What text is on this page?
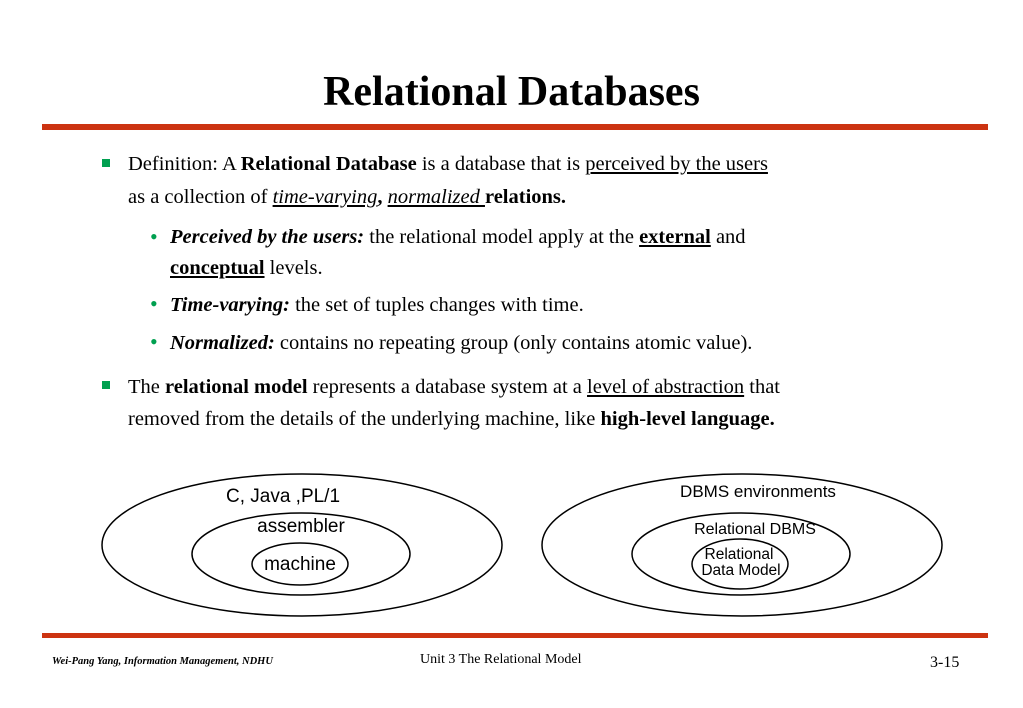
Relational Databases
Definition: A Relational Database is a database that is perceived by the users
as a collection of time-varying, normalized relations.
• Perceived by the users: the relational model apply at the external and
conceptual levels.
• Time-varying: the set of tuples changes with time.
• Normalized: contains no repeating group (only contains atomic value).
The relational model represents a database system at a level of abstraction that
removed from the details of the underlying machine, like high-level language.
C, Java ,PL/1
assembler
machine
DBMS environments
Relational DBMS
Relational
Data Model
Wei-Pang Yang, Information Management, NDHU	Unit 3 The Relational Model	3-15
